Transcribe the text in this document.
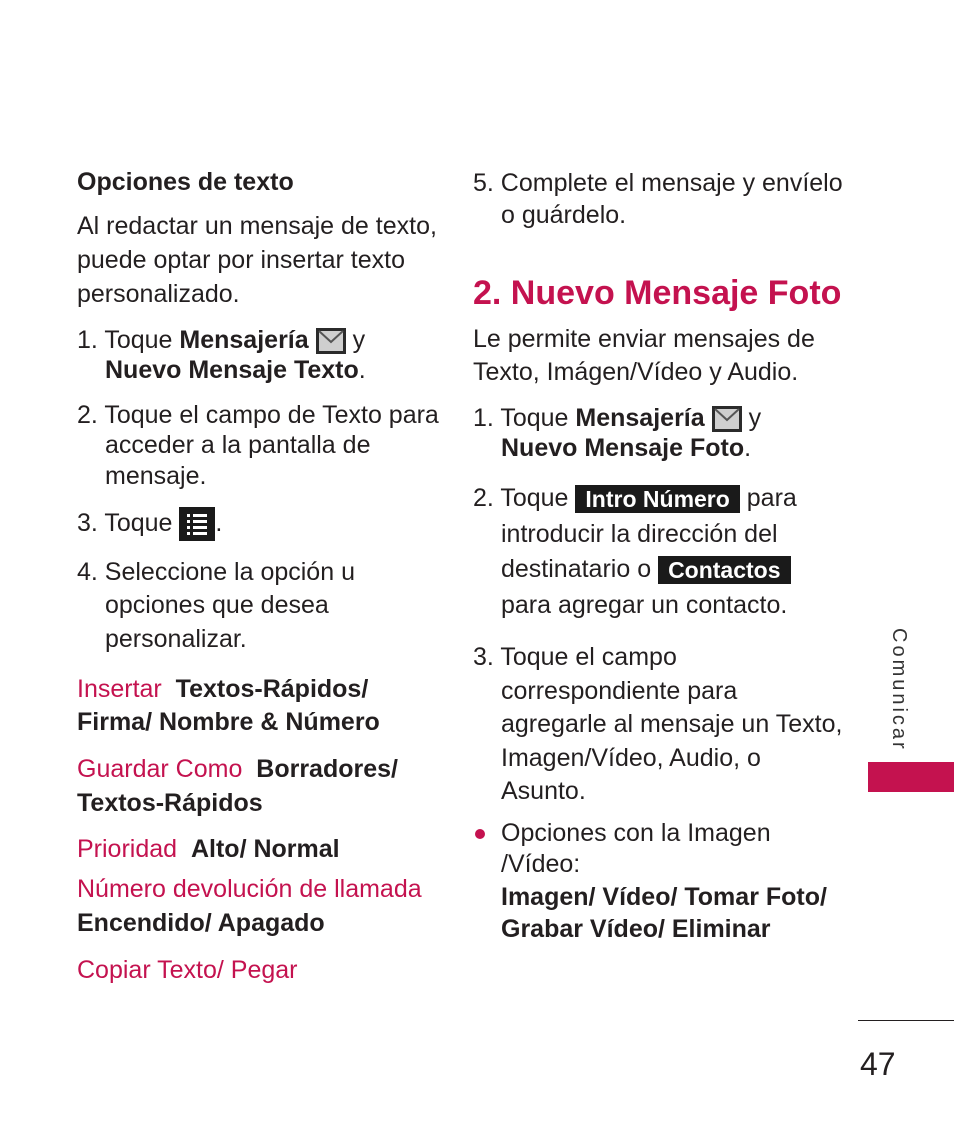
Opciones de texto
Al redactar un mensaje de texto,
puede optar por insertar texto
personalizado.
1. Toque Mensajería y
Nuevo Mensaje Texto.
2. Toque el campo de Texto para
acceder a la pantalla de
mensaje.
3. Toque .
4. Seleccione la opción u
opciones que desea
personalizar.
Insertar Textos-Rápidos/
Firma/ Nombre & Número
Guardar Como Borradores/
Textos-Rápidos
Prioridad Alto/ Normal
Número devolución de llamada
Encendido/ Apagado
Copiar Texto/ Pegar
5. Complete el mensaje y envíelo
o guárdelo.
2. Nuevo Mensaje Foto
Le permite enviar mensajes de
Texto, Imágen/Vídeo y Audio.
1. Toque Mensajería y
Nuevo Mensaje Foto.
2. Toque Intro Número para
introducir la dirección del
destinatario o Contactos
para agregar un contacto.
3. Toque el campo
correspondiente para
agregarle al mensaje un Texto,
Imagen/Vídeo, Audio, o
Asunto.
Opciones con la Imagen
/Vídeo:
Imagen/ Vídeo/ Tomar Foto/
Grabar Vídeo/ Eliminar
Comunicar
47
